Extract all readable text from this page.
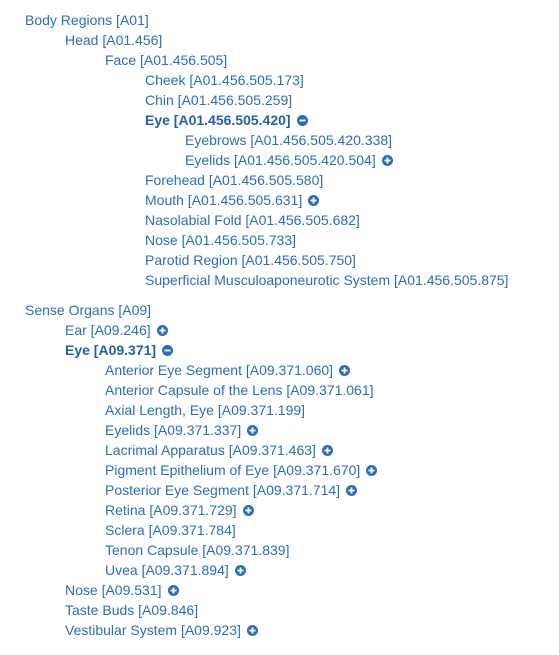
Body Regions [A01]
Head [A01.456]
Face [A01.456.505]
Cheek [A01.456.505.173]
Chin [A01.456.505.259]
Eye [A01.456.505.420]
Eyebrows [A01.456.505.420.338]
Eyelids [A01.456.505.420.504]
Forehead [A01.456.505.580]
Mouth [A01.456.505.631]
Nasolabial Fold [A01.456.505.682]
Nose [A01.456.505.733]
Parotid Region [A01.456.505.750]
Superficial Musculoaponeurotic System [A01.456.505.875]
Sense Organs [A09]
Ear [A09.246]
Eye [A09.371]
Anterior Eye Segment [A09.371.060]
Anterior Capsule of the Lens [A09.371.061]
Axial Length, Eye [A09.371.199]
Eyelids [A09.371.337]
Lacrimal Apparatus [A09.371.463]
Pigment Epithelium of Eye [A09.371.670]
Posterior Eye Segment [A09.371.714]
Retina [A09.371.729]
Sclera [A09.371.784]
Tenon Capsule [A09.371.839]
Uvea [A09.371.894]
Nose [A09.531]
Taste Buds [A09.846]
Vestibular System [A09.923]
